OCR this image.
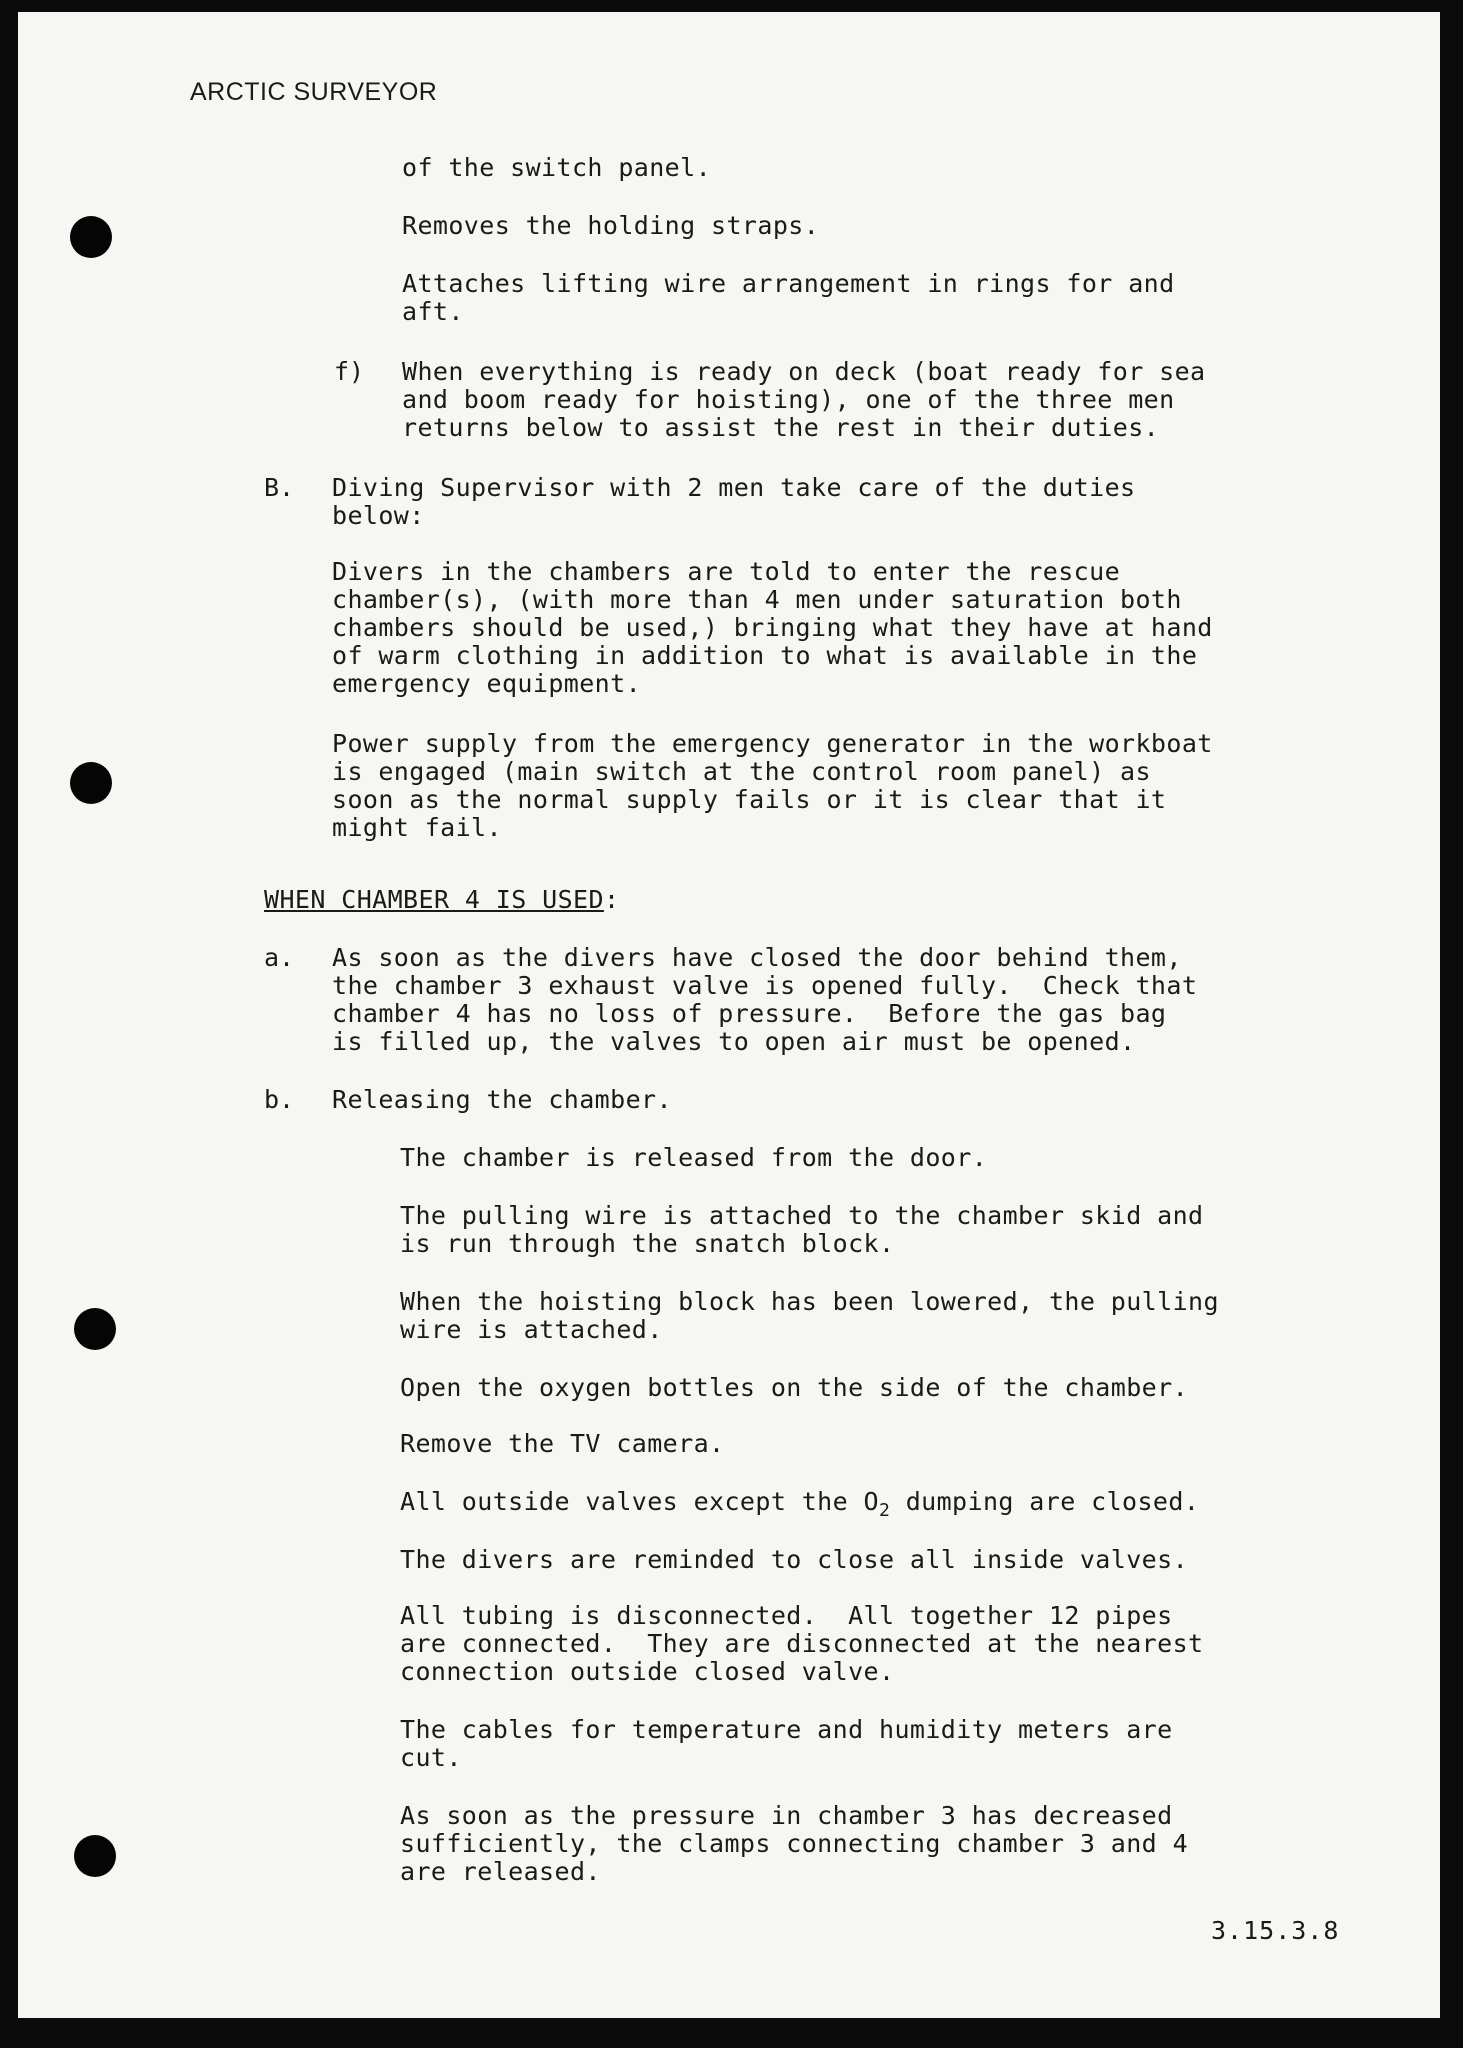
ARCTIC SURVEYOR

of the switch panel.

Removes the holding straps.

Attaches lifting wire arrangement in rings for and
aft.

f) When everything is ready on deck (boat ready for sea
and boom ready for hoisting), one of the three men
returns below to assist the rest in their duties.

B. Diving Supervisor with 2 men take care of the duties
below:

Divers in the chambers are told to enter the rescue
chamber(s), (with more than 4 men under saturation both
chambers should be used,) bringing what they have at hand
of warm clothing in addition to what is available in the
emergency equipment.

Power supply from the emergency generator in the workboat
is engaged (main switch at the control room panel) as
soon as the normal supply fails or it is clear that it
might fail.

WHEN CHAMBER 4 IS USED:
a. As soon as the divers have closed the door behind them,
the chamber 3 exhaust valve is opened fully.  Check that
chamber 4 has no loss of pressure.  Before the gas bag
is filled up, the valves to open air must be opened.

b. Releasing the chamber.

The chamber is released from the door.

The pulling wire is attached to the chamber skid and
is run through the snatch block.

When the hoisting block has been lowered, the pulling
wire is attached.

Open the oxygen bottles on the side of the chamber.

Remove the TV camera.

All outside valves except the $O_2$ dumping are closed.

The divers are reminded to close all inside valves.

All tubing is disconnected.  All together 12 pipes
are connected.  They are disconnected at the nearest
connection outside closed valve.

The cables for temperature and humidity meters are
cut.

As soon as the pressure in chamber 3 has decreased
sufficiently, the clamps connecting chamber 3 and 4
are released.

3.15.3.8
